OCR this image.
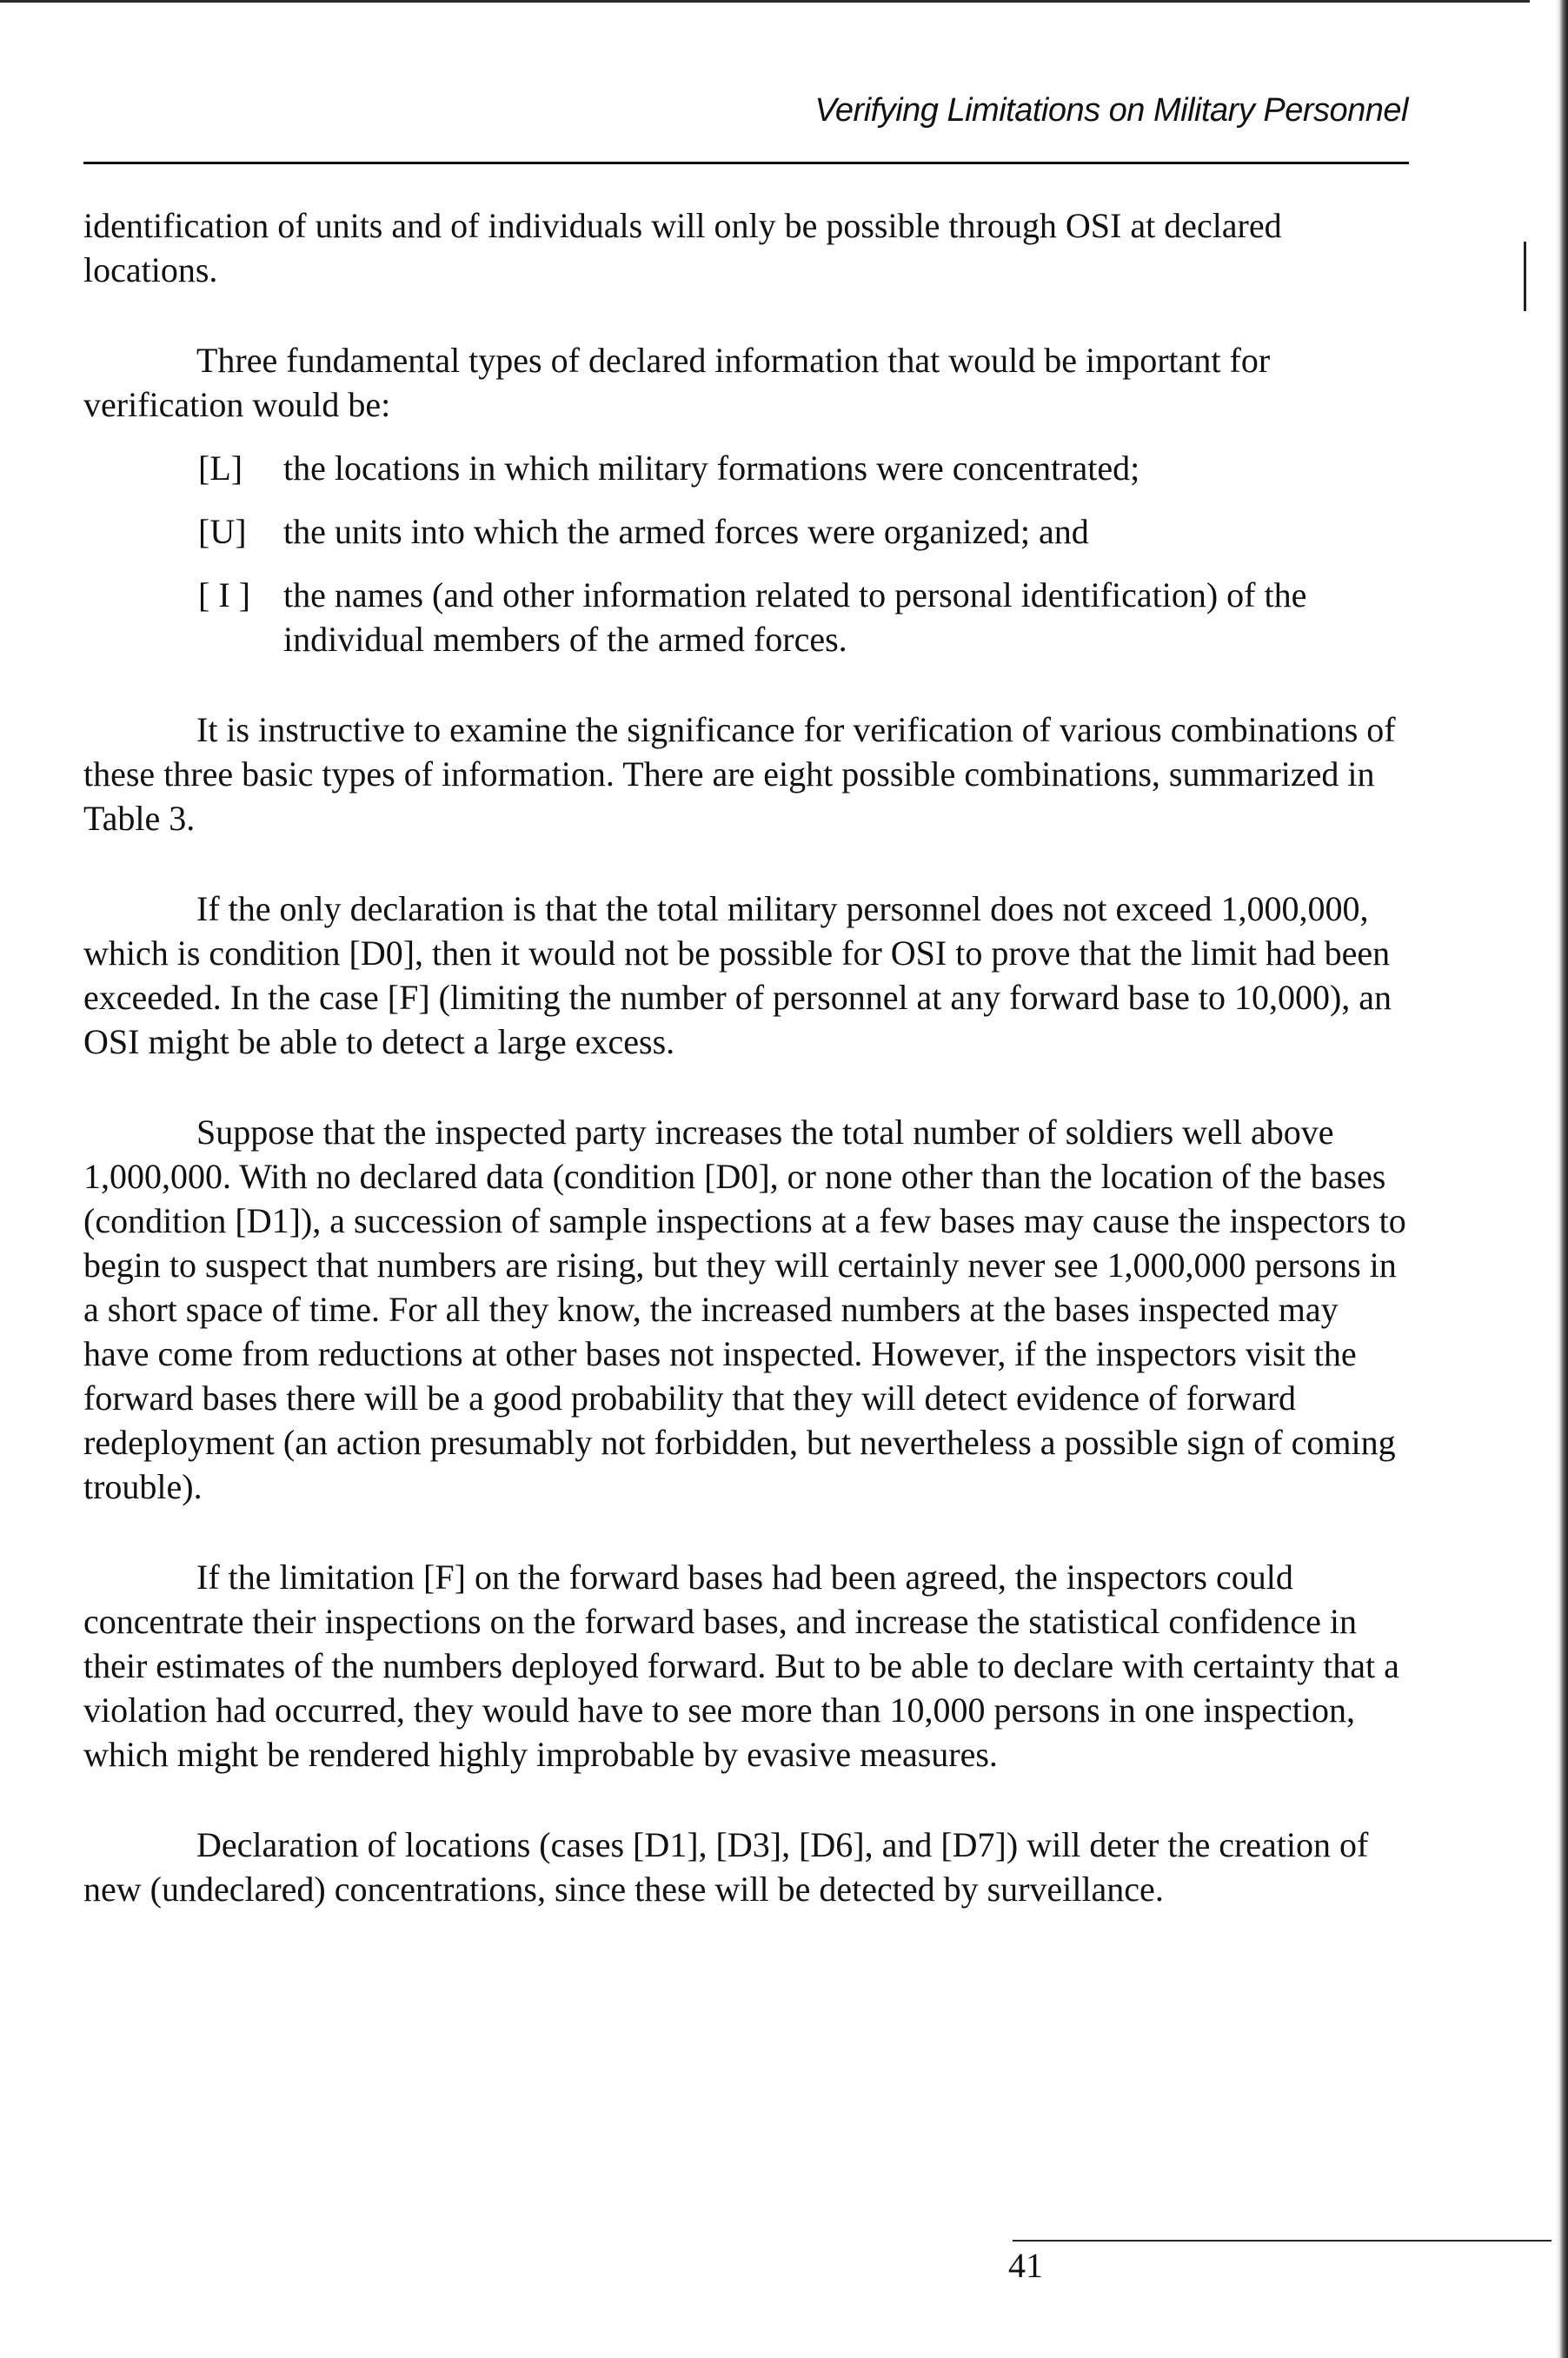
Verifying Limitations on Military Personnel

identification of units and of individuals will only be possible through OSI at declared locations.

Three fundamental types of declared information that would be important for verification would be:

[L] the locations in which military formations were concentrated;
[U] the units into which the armed forces were organized; and
[ I ] the names (and other information related to personal identification) of the individual members of the armed forces.

It is instructive to examine the significance for verification of various combinations of these three basic types of information. There are eight possible combinations, summarized in Table 3.

If the only declaration is that the total military personnel does not exceed 1,000,000, which is condition [D0], then it would not be possible for OSI to prove that the limit had been exceeded. In the case [F] (limiting the number of personnel at any forward base to 10,000), an OSI might be able to detect a large excess.

Suppose that the inspected party increases the total number of soldiers well above 1,000,000. With no declared data (condition [D0], or none other than the location of the bases (condition [D1]), a succession of sample inspections at a few bases may cause the inspectors to begin to suspect that numbers are rising, but they will certainly never see 1,000,000 persons in a short space of time. For all they know, the increased numbers at the bases inspected may have come from reductions at other bases not inspected. However, if the inspectors visit the forward bases there will be a good probability that they will detect evidence of forward redeployment (an action presumably not forbidden, but nevertheless a possible sign of coming trouble).

If the limitation [F] on the forward bases had been agreed, the inspectors could concentrate their inspections on the forward bases, and increase the statistical confidence in their estimates of the numbers deployed forward. But to be able to declare with certainty that a violation had occurred, they would have to see more than 10,000 persons in one inspection, which might be rendered highly improbable by evasive measures.

Declaration of locations (cases [D1], [D3], [D6], and [D7]) will deter the creation of new (undeclared) concentrations, since these will be detected by surveillance.

41
